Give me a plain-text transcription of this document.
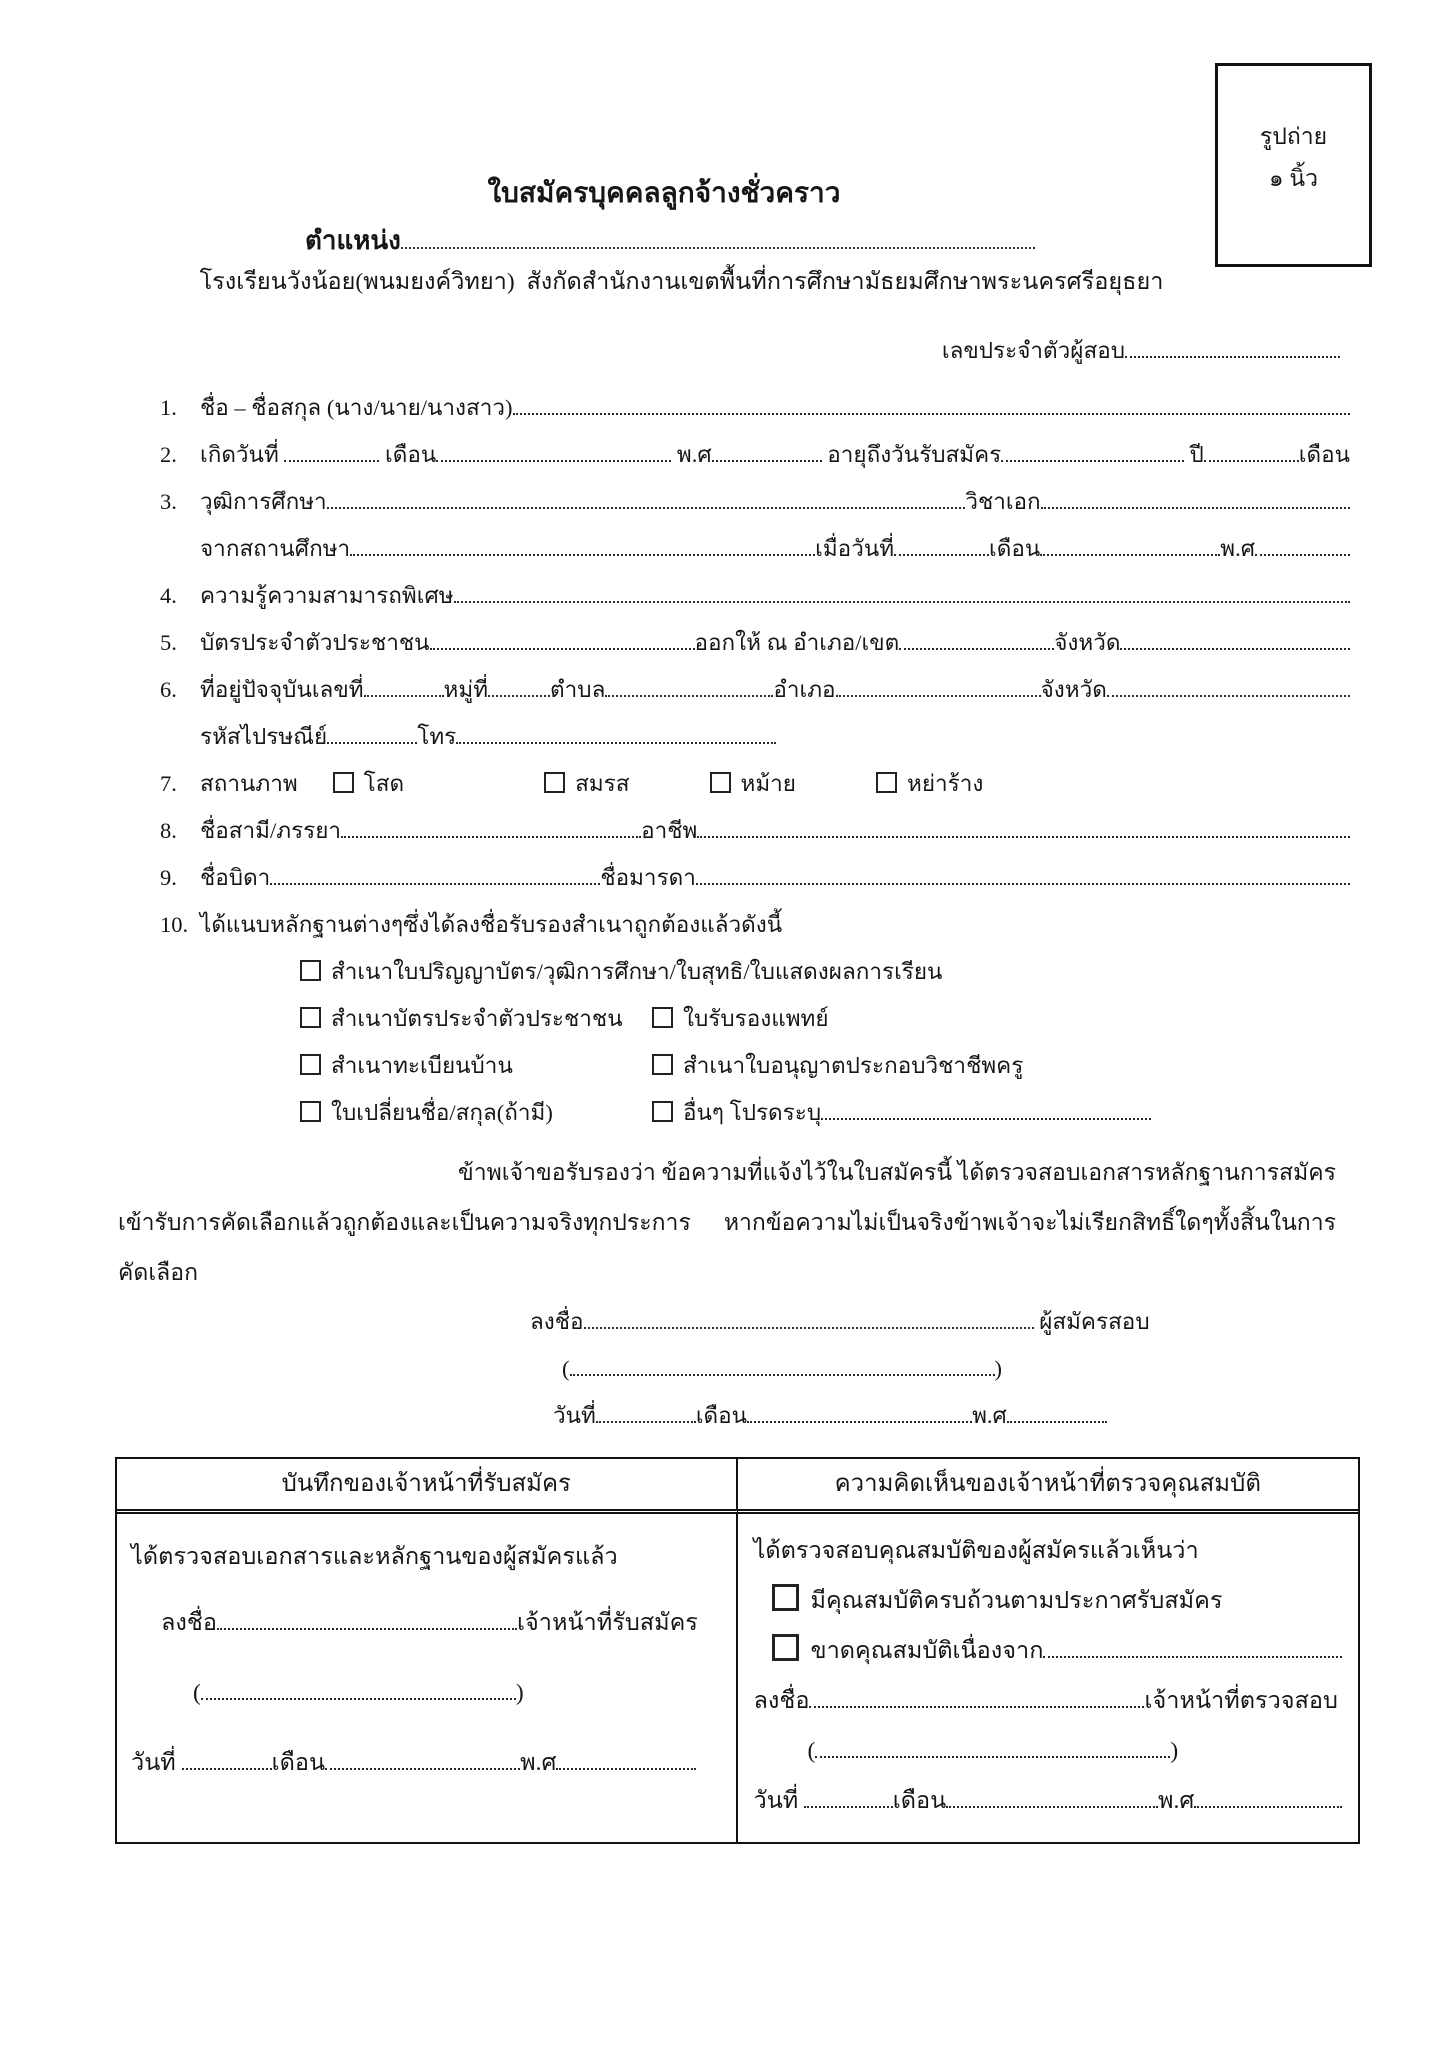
รูปถ่าย
๑ นิ้ว
ใบสมัครบุคคลลูกจ้างชั่วคราว
ตำแหน่ง
โรงเรียนวังน้อย(พนมยงค์วิทยา)  สังกัดสำนักงานเขตพื้นที่การศึกษามัธยมศึกษาพระนครศรีอยุธยา
เลขประจำตัวผู้สอบ
1.	ชื่อ – ชื่อสกุล (นาง/นาย/นางสาว)
2.	เกิดวันที่	เดือน	พ.ศ	อายุถึงวันรับสมัคร	ปี	เดือน
3.	วุฒิการศึกษา	วิชาเอก
จากสถานศึกษา	เมื่อวันที่	เดือน	พ.ศ
4.	ความรู้ความสามารถพิเศษ
5.	บัตรประจำตัวประชาชน	ออกให้ ณ อำเภอ/เขต	จังหวัด
6.	ที่อยู่ปัจจุบันเลขที่	หมู่ที่	ตำบล	อำเภอ	จังหวัด
รหัสไปรษณีย์	โทร
7.	สถานภาพ	โสด	สมรส	หม้าย	หย่าร้าง
8.	ชื่อสามี/ภรรยา	อาชีพ
9.	ชื่อบิดา	ชื่อมารดา
10. ได้แนบหลักฐานต่างๆซึ่งได้ลงชื่อรับรองสำเนาถูกต้องแล้วดังนี้
สำเนาใบปริญญาบัตร/วุฒิการศึกษา/ใบสุทธิ/ใบแสดงผลการเรียน
สำเนาบัตรประจำตัวประชาชน	ใบรับรองแพทย์
สำเนาทะเบียนบ้าน	สำเนาใบอนุญาตประกอบวิชาชีพครู
ใบเปลี่ยนชื่อ/สกุล(ถ้ามี)	อื่นๆ โปรดระบุ

ข้าพเจ้าขอรับรองว่า ข้อความที่แจ้งไว้ในใบสมัครนี้ ได้ตรวจสอบเอกสารหลักฐานการสมัครเข้ารับการคัดเลือกแล้วถูกต้องและเป็นความจริงทุกประการ หากข้อความไม่เป็นจริงข้าพเจ้าจะไม่เรียกสิทธิ์ใดๆทั้งสิ้นในการคัดเลือก

ลงชื่อ	ผู้สมัครสอบ
(	)
วันที่	เดือน	พ.ศ
บันทึกของเจ้าหน้าที่รับสมัคร	ความคิดเห็นของเจ้าหน้าที่ตรวจคุณสมบัติ
ได้ตรวจสอบเอกสารและหลักฐานของผู้สมัครแล้ว
ลงชื่อ	เจ้าหน้าที่รับสมัคร
(	)
วันที่	เดือน	พ.ศ
ได้ตรวจสอบคุณสมบัติของผู้สมัครแล้วเห็นว่า
มีคุณสมบัติครบถ้วนตามประกาศรับสมัคร
ขาดคุณสมบัติเนื่องจาก
ลงชื่อ	เจ้าหน้าที่ตรวจสอบ
(	)
วันที่	เดือน	พ.ศ
